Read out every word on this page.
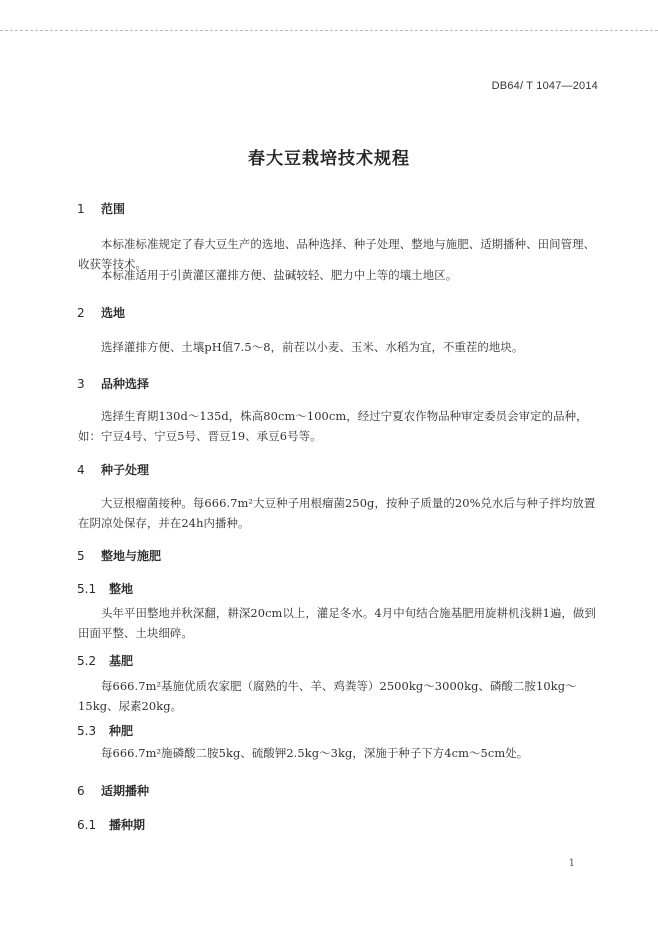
DB64/ T 1047—2014
春大豆栽培技术规程
1 范围
本标准标准规定了春大豆生产的选地、品种选择、种子处理、整地与施肥、适期播种、田间管理、收获等技术。
本标准适用于引黄灌区灌排方便、盐碱较轻、肥力中上等的壤土地区。
2 选地
选择灌排方便、土壤pH值7.5～8，前茬以小麦、玉米、水稻为宜，不重茬的地块。
3 品种选择
选择生育期130d～135d，株高80cm～100cm，经过宁夏农作物品种审定委员会审定的品种，如：宁豆4号、宁豆5号、晋豆19、承豆6号等。
4 种子处理
大豆根瘤菌接种。每666.7m²大豆种子用根瘤菌250g，按种子质量的20%兑水后与种子拌均放置在阴凉处保存，并在24h内播种。
5 整地与施肥
5.1 整地
头年平田整地并秋深翻，耕深20cm以上，灌足冬水。4月中旬结合施基肥用旋耕机浅耕1遍，做到田面平整、土块细碎。
5.2 基肥
每666.7m²基施优质农家肥（腐熟的牛、羊、鸡粪等）2500kg～3000kg、磷酸二胺10kg～15kg、尿素20kg。
5.3 种肥
每666.7m²施磷酸二胺5kg、硫酸钾2.5kg～3kg，深施于种子下方4cm～5cm处。
6 适期播种
6.1 播种期
1
